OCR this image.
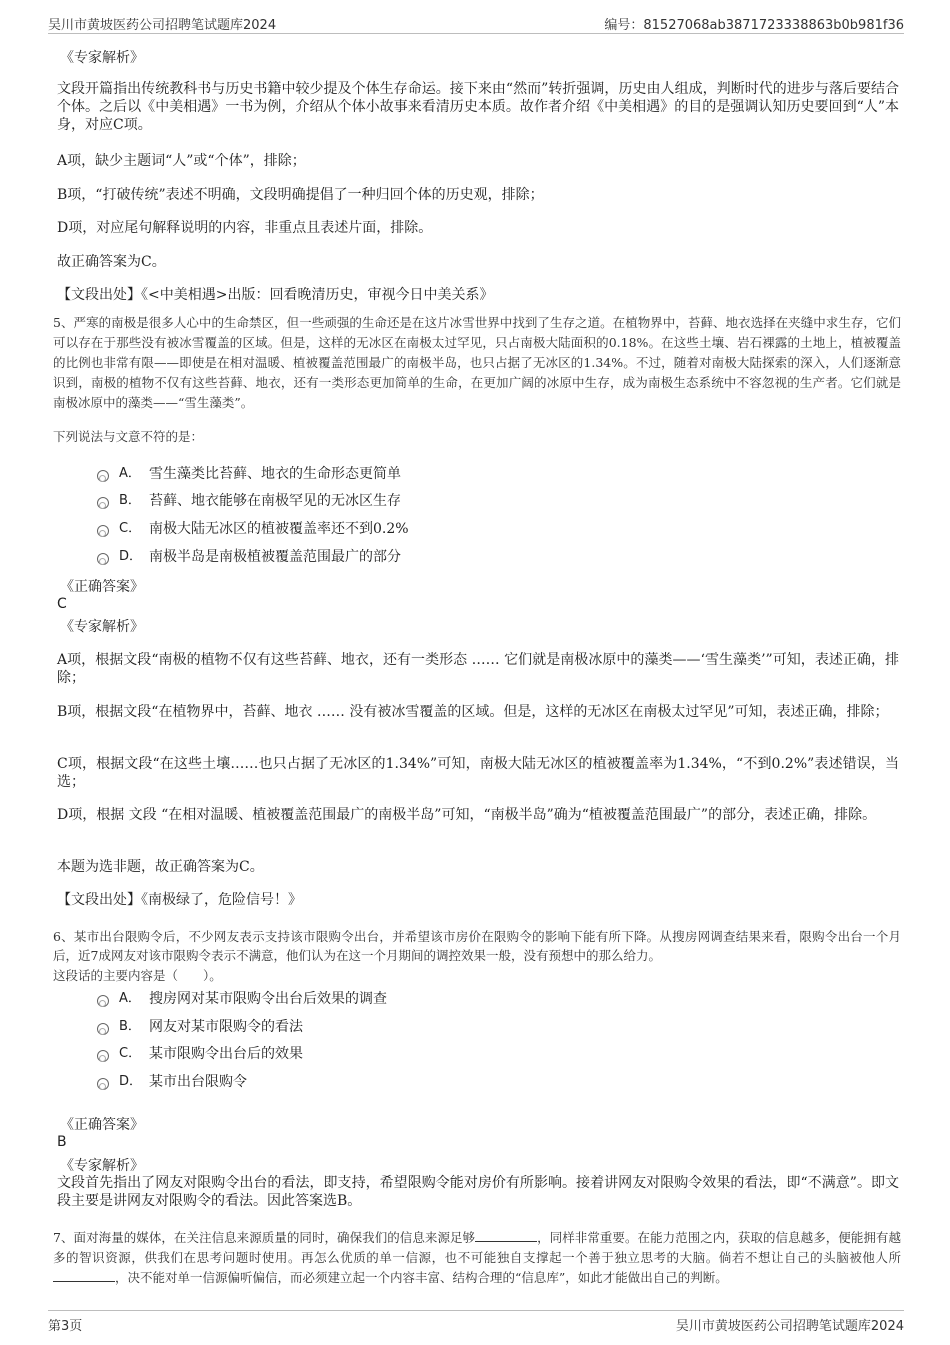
吴川市黄坡医药公司招聘笔试题库2024	编号：81527068ab3871723338863b0b981f36
《专家解析》
文段开篇指出传统教科书与历史书籍中较少提及个体生存命运。接下来由“然而”转折强调，历史由人组成，判断时代的进步与落后要结合个体。之后以《中美相遇》一书为例，介绍从个体小故事来看清历史本质。故作者介绍《中美相遇》的目的是强调认知历史要回到“人”本身，对应C项。
A项，缺少主题词“人”或“个体”，排除；
B项，“打破传统”表述不明确，文段明确提倡了一种归回个体的历史观，排除；
D项，对应尾句解释说明的内容，非重点且表述片面，排除。
故正确答案为C。
【文段出处】《<中美相遇>出版：回看晚清历史，审视今日中美关系》
5、严寒的南极是很多人心中的生命禁区，但一些顽强的生命还是在这片冰雪世界中找到了生存之道。在植物界中，苔藓、地衣选择在夹缝中求生存，它们可以存在于那些没有被冰雪覆盖的区域。但是，这样的无冰区在南极太过罕见，只占南极大陆面积的0.18%。在这些土壤、岩石裸露的土地上，植被覆盖的比例也非常有限——即使是在相对温暖、植被覆盖范围最广的南极半岛，也只占据了无冰区的1.34%。不过，随着对南极大陆探索的深入，人们逐渐意识到，南极的植物不仅有这些苔藓、地衣，还有一类形态更加简单的生命，在更加广阔的冰原中生存，成为南极生态系统中不容忽视的生产者。它们就是南极冰原中的藻类——“雪生藻类”。
下列说法与文意不符的是：
A． 雪生藻类比苔藓、地衣的生命形态更简单
B． 苔藓、地衣能够在南极罕见的无冰区生存
C． 南极大陆无冰区的植被覆盖率还不到0.2%
D． 南极半岛是南极植被覆盖范围最广的部分
《正确答案》
C
《专家解析》
A项，根据文段“南极的植物不仅有这些苔藓、地衣，还有一类形态 …… 它们就是南极冰原中的藻类——‘雪生藻类’”可知，表述正确，排除；
B项，根据文段“在植物界中，苔藓、地衣 …… 没有被冰雪覆盖的区域。但是，这样的无冰区在南极太过罕见”可知，表述正确，排除；
C项，根据文段“在这些土壤……也只占据了无冰区的1.34%”可知，南极大陆无冰区的植被覆盖率为1.34%，“不到0.2%”表述错误，当选；
D项，根据 文段 “在相对温暖、植被覆盖范围最广的南极半岛”可知，“南极半岛”确为“植被覆盖范围最广”的部分，表述正确，排除。
本题为选非题，故正确答案为C。
【文段出处】《南极绿了，危险信号！》
6、某市出台限购令后，不少网友表示支持该市限购令出台，并希望该市房价在限购令的影响下能有所下降。从搜房网调查结果来看，限购令出台一个月后，近7成网友对该市限购令表示不满意，他们认为在这一个月期间的调控效果一般，没有预想中的那么给力。
这段话的主要内容是（　　）。
A． 搜房网对某市限购令出台后效果的调查
B． 网友对某市限购令的看法
C． 某市限购令出台后的效果
D． 某市出台限购令
《正确答案》
B
《专家解析》
文段首先指出了网友对限购令出台的看法，即支持，希望限购令能对房价有所影响。接着讲网友对限购令效果的看法，即“不满意”。即文段主要是讲网友对限购令的看法。因此答案选B。
7、面对海量的媒体，在关注信息来源质量的同时，确保我们的信息来源足够	，同样非常重要。在能力范围之内，获取的信息越多，便能拥有越多的智识资源，供我们在思考问题时使用。再怎么优质的单一信源，也不可能独自支撑起一个善于独立思考的大脑。倘若不想让自己的头脑被他人所，决不能对单一信源偏听偏信，而必须建立起一个内容丰富、结构合理的“信息库”，如此才能做出自己的判断。
第3页	吴川市黄坡医药公司招聘笔试题库2024
